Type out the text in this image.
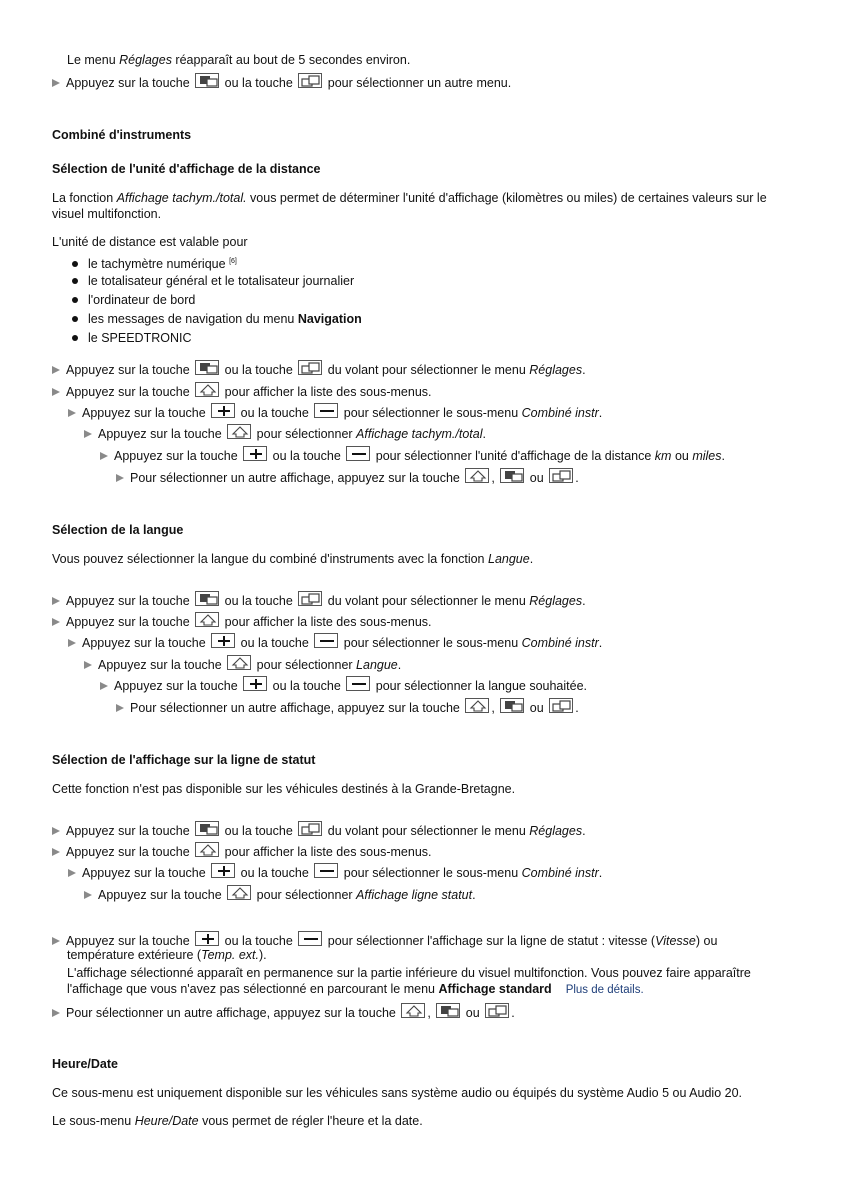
Le menu Réglages réapparaît au bout de 5 secondes environ.
Appuyez sur la touche	ou la touche	pour sélectionner un autre menu.
Combiné d'instruments
Sélection de l'unité d'affichage de la distance
La fonction Affichage tachym./total. vous permet de déterminer l'unité d'affichage (kilomètres ou miles) de certaines valeurs sur le
visuel multifonction.
L'unité de distance est valable pour
le tachymètre numérique [6]
le totalisateur général et le totalisateur journalier
l'ordinateur de bord
les messages de navigation du menu Navigation
le SPEEDTRONIC
Appuyez sur la touche	ou la touche	du volant pour sélectionner le menu Réglages.
Appuyez sur la touche	pour afficher la liste des sous-menus.
Appuyez sur la touche	ou la touche	pour sélectionner le sous-menu Combiné instr.
Appuyez sur la touche	pour sélectionner Affichage tachym./total.
Appuyez sur la touche	ou la touche	pour sélectionner l'unité d'affichage de la distance km ou miles.
Pour sélectionner un autre affichage, appuyez sur la touche	,	ou	.
Sélection de la langue
Vous pouvez sélectionner la langue du combiné d'instruments avec la fonction Langue.
Appuyez sur la touche	ou la touche	du volant pour sélectionner le menu Réglages.
Appuyez sur la touche	pour afficher la liste des sous-menus.
Appuyez sur la touche	ou la touche	pour sélectionner le sous-menu Combiné instr.
Appuyez sur la touche	pour sélectionner Langue.
Appuyez sur la touche	ou la touche	pour sélectionner la langue souhaitée.
Pour sélectionner un autre affichage, appuyez sur la touche	,	ou	.
Sélection de l'affichage sur la ligne de statut
Cette fonction n'est pas disponible sur les véhicules destinés à la Grande-Bretagne.
Appuyez sur la touche	ou la touche	du volant pour sélectionner le menu Réglages.
Appuyez sur la touche	pour afficher la liste des sous-menus.
Appuyez sur la touche	ou la touche	pour sélectionner le sous-menu Combiné instr.
Appuyez sur la touche	pour sélectionner Affichage ligne statut.
Appuyez sur la touche	ou la touche	pour sélectionner l'affichage sur la ligne de statut : vitesse (Vitesse) ou
température extérieure (Temp. ext.).
L'affichage sélectionné apparaît en permanence sur la partie inférieure du visuel multifonction. Vous pouvez faire apparaître
l'affichage que vous n'avez pas sélectionné en parcourant le menu Affichage standard Plus de détails.
Pour sélectionner un autre affichage, appuyez sur la touche	,	ou	.
Heure/Date
Ce sous-menu est uniquement disponible sur les véhicules sans système audio ou équipés du système Audio 5 ou Audio 20.
Le sous-menu Heure/Date vous permet de régler l'heure et la date.
